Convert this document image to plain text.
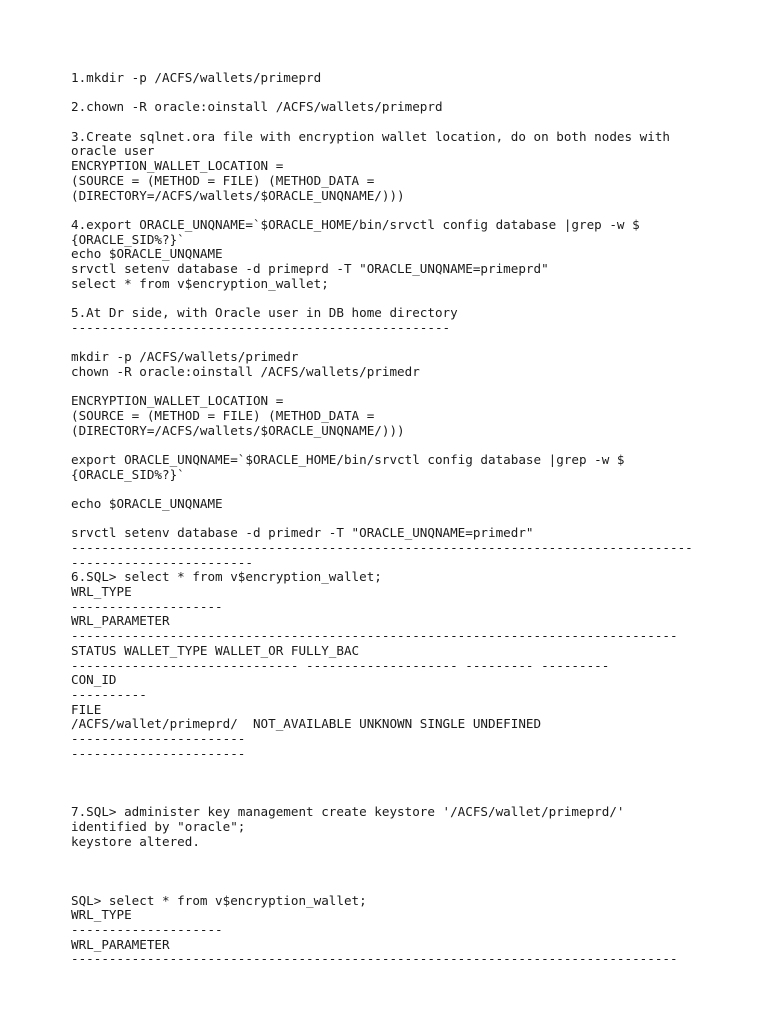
1.mkdir -p /ACFS/wallets/primeprd
2.chown -R oracle:oinstall /ACFS/wallets/primeprd
3.Create sqlnet.ora file with encryption wallet location, do on both nodes with
oracle user
ENCRYPTION_WALLET_LOCATION =
(SOURCE = (METHOD = FILE) (METHOD_DATA =
(DIRECTORY=/ACFS/wallets/$ORACLE_UNQNAME/)))
4.export ORACLE_UNQNAME=`$ORACLE_HOME/bin/srvctl config database |grep -w $
{ORACLE_SID%?}`
echo $ORACLE_UNQNAME
srvctl setenv database -d primeprd -T "ORACLE_UNQNAME=primeprd"
select * from v$encryption_wallet;
5.At Dr side, with Oracle user in DB home directory
--------------------------------------------------
mkdir -p /ACFS/wallets/primedr
chown -R oracle:oinstall /ACFS/wallets/primedr
ENCRYPTION_WALLET_LOCATION =
(SOURCE = (METHOD = FILE) (METHOD_DATA =
(DIRECTORY=/ACFS/wallets/$ORACLE_UNQNAME/)))
export ORACLE_UNQNAME=`$ORACLE_HOME/bin/srvctl config database |grep -w $
{ORACLE_SID%?}`
echo $ORACLE_UNQNAME
srvctl setenv database -d primedr -T "ORACLE_UNQNAME=primedr"
----------------------------------------------------------------------------------
------------------------
6.SQL> select * from v$encryption_wallet;
WRL_TYPE
--------------------
WRL_PARAMETER
--------------------------------------------------------------------------------
STATUS WALLET_TYPE WALLET_OR FULLY_BAC
------------------------------ -------------------- --------- ---------
CON_ID
----------
FILE
/ACFS/wallet/primeprd/  NOT_AVAILABLE UNKNOWN SINGLE UNDEFINED
-----------------------
-----------------------
7.SQL> administer key management create keystore '/ACFS/wallet/primeprd/'
identified by "oracle";
keystore altered.
SQL> select * from v$encryption_wallet;
WRL_TYPE
--------------------
WRL_PARAMETER
--------------------------------------------------------------------------------
